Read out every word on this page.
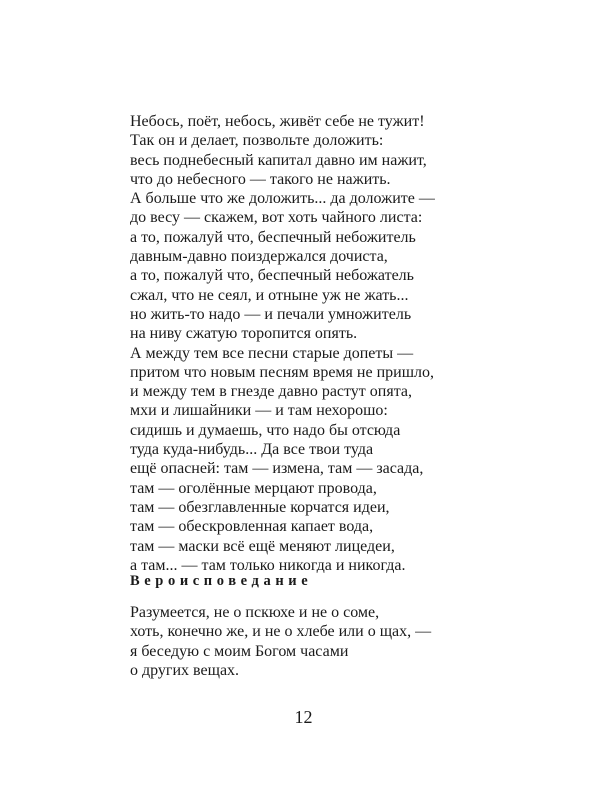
Небось, поёт, небось, живёт себе не тужит!
Так он и делает, позвольте доложить:
весь поднебесный капитал давно им нажит,
что до небесного — такого не нажить.
А больше что же доложить... да доложите —
до весу — скажем, вот хоть чайного листа:
а то, пожалуй что, беспечный небожитель
давным-давно поиздержался дочиста,
а то, пожалуй что, беспечный небожатель
сжал, что не сеял, и отныне уж не жать...
но жить-то надо — и печали умножитель
на ниву сжатую торопится опять.
А между тем все песни старые допеты —
притом что новым песням время не пришло,
и между тем в гнезде давно растут опята,
мхи и лишайники — и там нехорошо:
сидишь и думаешь, что надо бы отсюда
туда куда-нибудь... Да все твои туда
ещё опасней: там — измена, там — засада,
там — оголённые мерцают провода,
там — обезглавленные корчатся идеи,
там — обескровленная капает вода,
там — маски всё ещё меняют лицедеи,
а там... — там только никогда и никогда.
Вероисповедание
Разумеется, не о пскюхе и не о соме,
хоть, конечно же, и не о хлебе или о щах, —
я беседую с моим Богом часами
о других вещах.
12
